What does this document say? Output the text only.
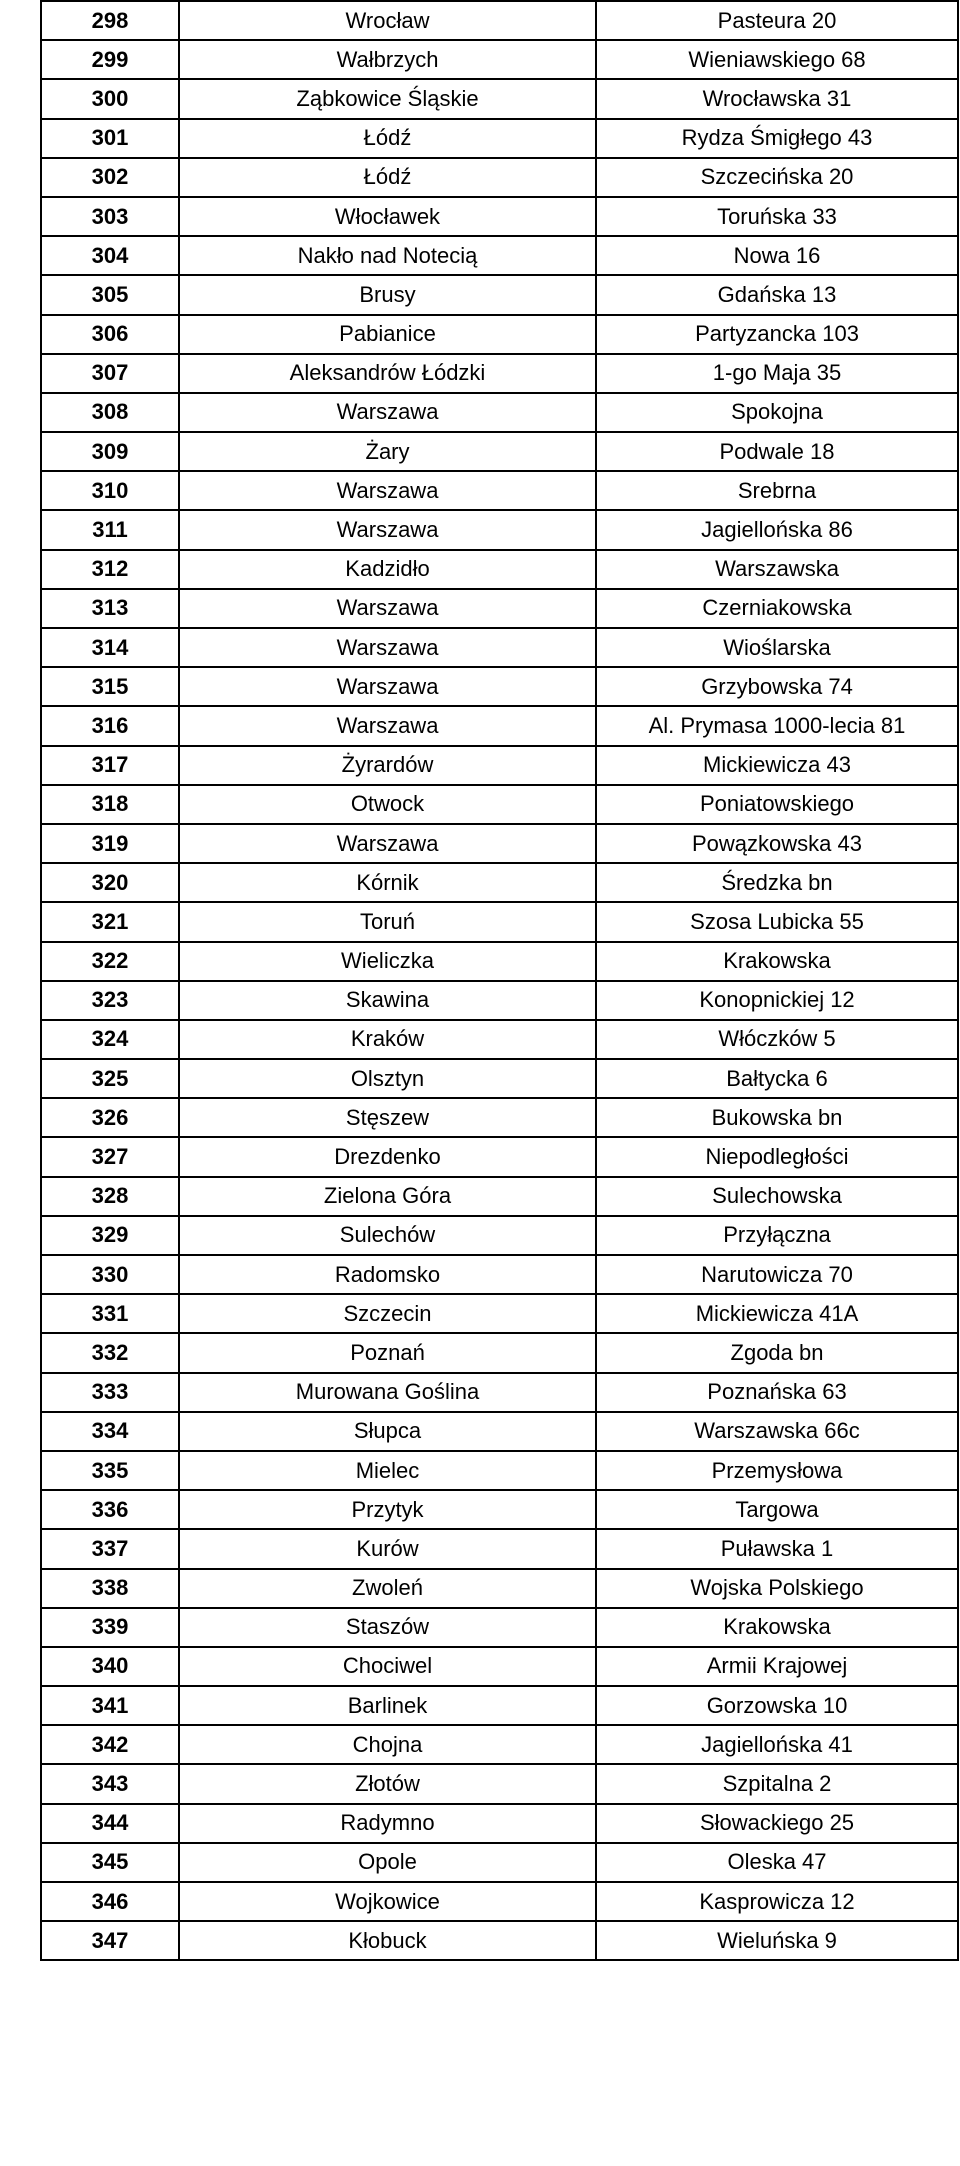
298	Wrocław	Pasteura 20
299	Wałbrzych	Wieniawskiego 68
300	Ząbkowice Śląskie	Wrocławska 31
301	Łódź	Rydza Śmigłego 43
302	Łódź	Szczecińska 20
303	Włocławek	Toruńska 33
304	Nakło nad Notecią	Nowa 16
305	Brusy	Gdańska 13
306	Pabianice	Partyzancka 103
307	Aleksandrów Łódzki	1-go Maja 35
308	Warszawa	Spokojna
309	Żary	Podwale 18
310	Warszawa	Srebrna
311	Warszawa	Jagiellońska 86
312	Kadzidło	Warszawska
313	Warszawa	Czerniakowska
314	Warszawa	Wioślarska
315	Warszawa	Grzybowska 74
316	Warszawa	Al. Prymasa 1000-lecia 81
317	Żyrardów	Mickiewicza 43
318	Otwock	Poniatowskiego
319	Warszawa	Powązkowska 43
320	Kórnik	Średzka bn
321	Toruń	Szosa Lubicka 55
322	Wieliczka	Krakowska
323	Skawina	Konopnickiej 12
324	Kraków	Włóczków 5
325	Olsztyn	Bałtycka 6
326	Stęszew	Bukowska bn
327	Drezdenko	Niepodległości
328	Zielona Góra	Sulechowska
329	Sulechów	Przyłączna
330	Radomsko	Narutowicza 70
331	Szczecin	Mickiewicza 41A
332	Poznań	Zgoda bn
333	Murowana Goślina	Poznańska 63
334	Słupca	Warszawska 66c
335	Mielec	Przemysłowa
336	Przytyk	Targowa
337	Kurów	Puławska 1
338	Zwoleń	Wojska Polskiego
339	Staszów	Krakowska
340	Chociwel	Armii Krajowej
341	Barlinek	Gorzowska 10
342	Chojna	Jagiellońska 41
343	Złotów	Szpitalna 2
344	Radymno	Słowackiego 25
345	Opole	Oleska 47
346	Wojkowice	Kasprowicza 12
347	Kłobuck	Wieluńska 9
